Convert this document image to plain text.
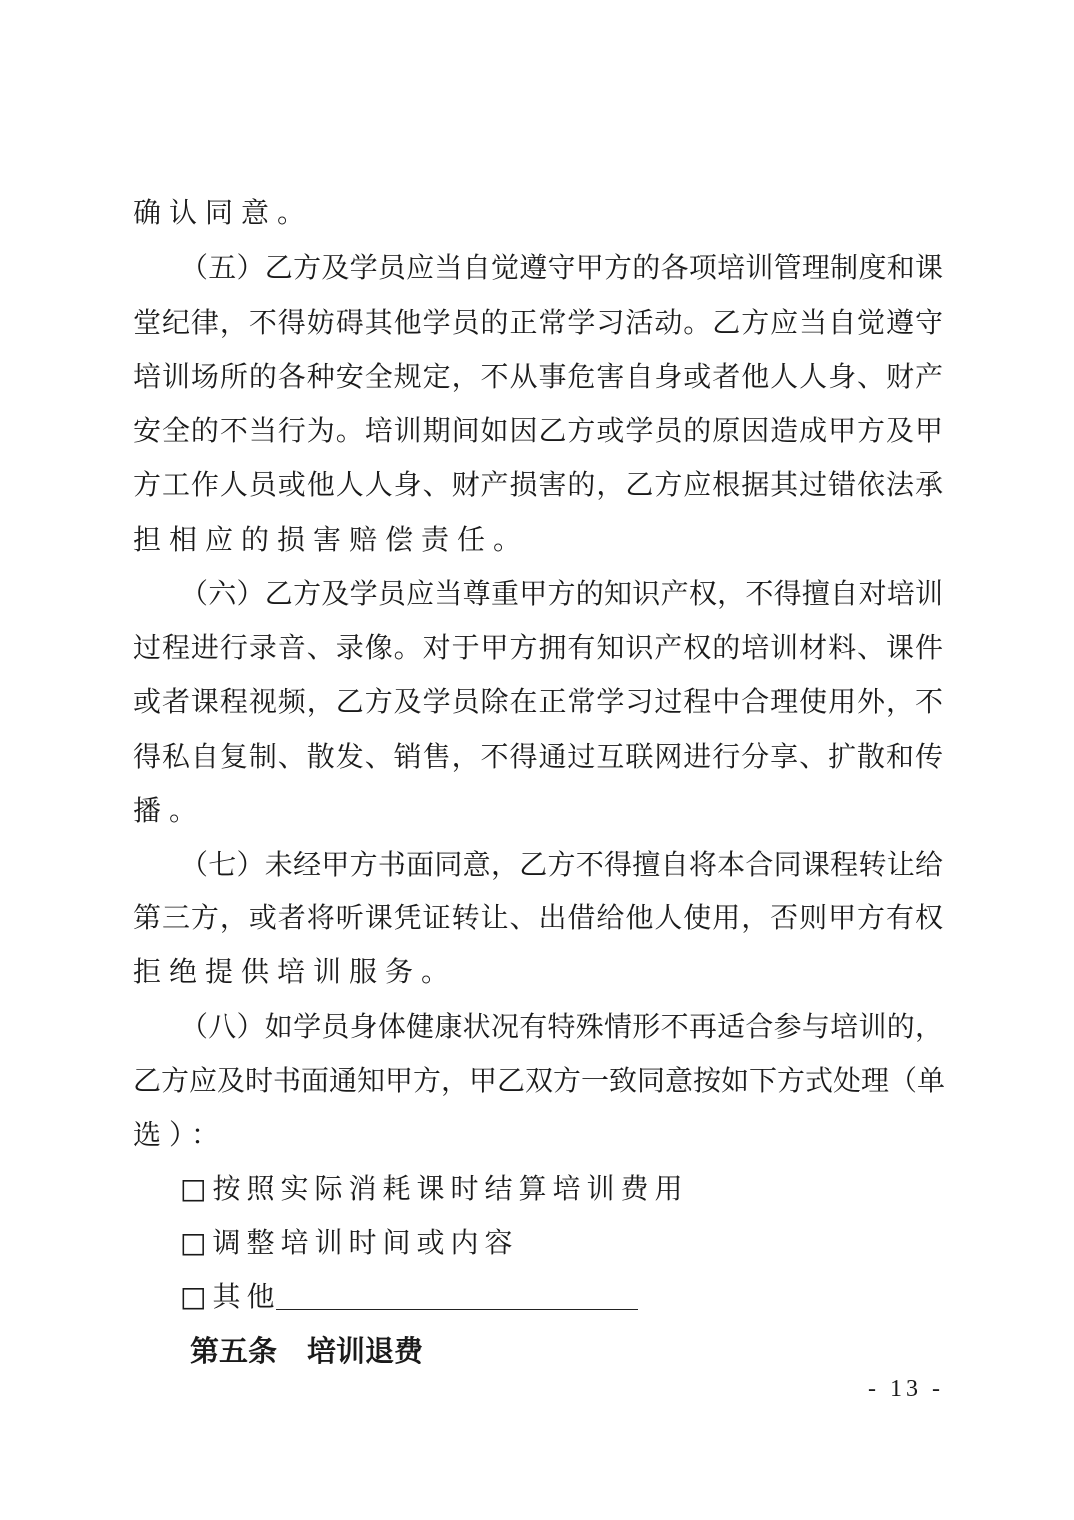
确认同意。
（五）乙方及学员应当自觉遵守甲方的各项培训管理制度和课
堂纪律，不得妨碍其他学员的正常学习活动。乙方应当自觉遵守
培训场所的各种安全规定，不从事危害自身或者他人人身、财产
安全的不当行为。培训期间如因乙方或学员的原因造成甲方及甲
方工作人员或他人人身、财产损害的，乙方应根据其过错依法承
担相应的损害赔偿责任。
（六）乙方及学员应当尊重甲方的知识产权，不得擅自对培训
过程进行录音、录像。对于甲方拥有知识产权的培训材料、课件
或者课程视频，乙方及学员除在正常学习过程中合理使用外，不
得私自复制、散发、销售，不得通过互联网进行分享、扩散和传
播。
（七）未经甲方书面同意，乙方不得擅自将本合同课程转让给
第三方，或者将听课凭证转让、出借给他人使用，否则甲方有权
拒绝提供培训服务。
（八）如学员身体健康状况有特殊情形不再适合参与培训的，
乙方应及时书面通知甲方，甲乙双方一致同意按如下方式处理（单
选）：
□按照实际消耗课时结算培训费用
□调整培训时间或内容
□其他
第五条 培训退费
- 13 -
